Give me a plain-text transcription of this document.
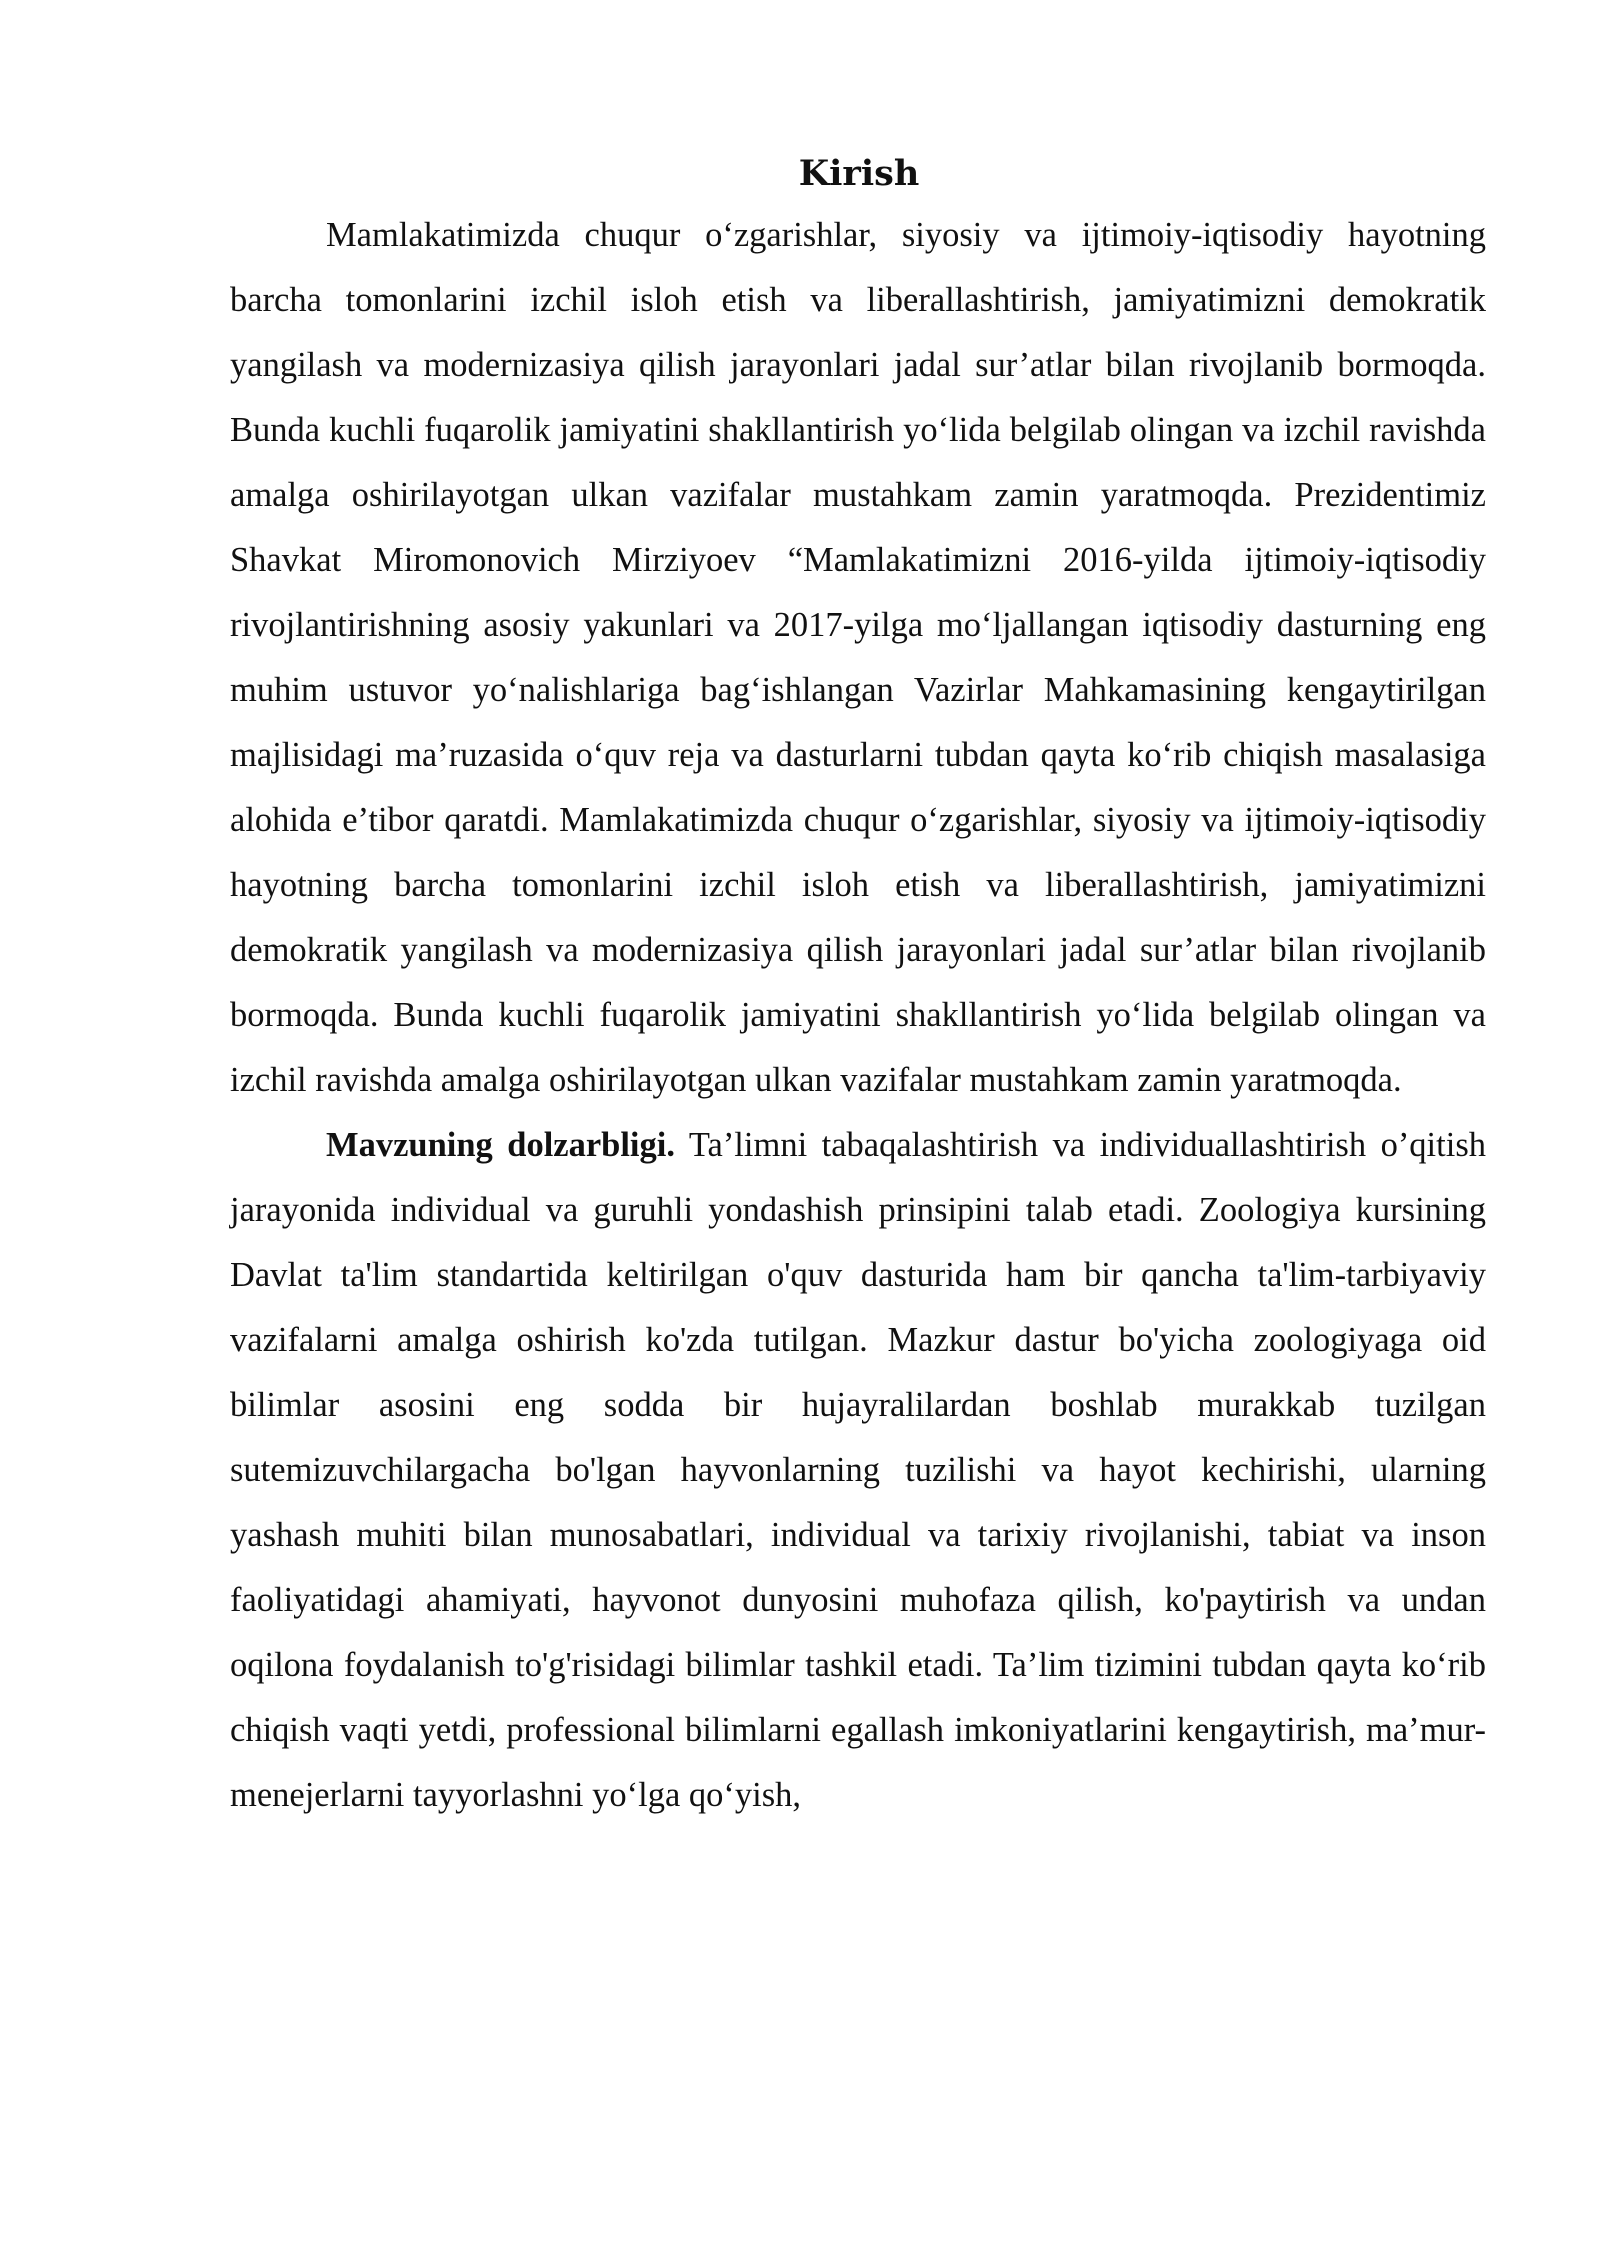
Kirish

Mamlakatimizda chuqur o‘zgarishlar, siyosiy va ijtimoiy-iqtisodiy hayotning barcha tomonlarini izchil isloh etish va liberallashtirish, jamiyatimizni demokratik yangilash va modernizasiya qilish jarayonlari jadal sur’atlar bilan rivojlanib bormoqda. Bunda kuchli fuqarolik jamiyatini shakllantirish yo‘lida belgilab olingan va izchil ravishda amalga oshirilayotgan ulkan vazifalar mustahkam zamin yaratmoqda. Prezidentimiz Shavkat Miromonovich Mirziyoev “Mamlakatimizni 2016-yilda ijtimoiy-iqtisodiy rivojlantirishning asosiy yakunlari va 2017-yilga mo‘ljallangan iqtisodiy dasturning eng muhim ustuvor yo‘nalishlariga bag‘ishlangan Vazirlar Mahkamasining kengaytirilgan majlisidagi ma’ruzasida o‘quv reja va dasturlarni tubdan qayta ko‘rib chiqish masalasiga alohida e’tibor qaratdi. Mamlakatimizda chuqur o‘zgarishlar, siyosiy va ijtimoiy-iqtisodiy hayotning barcha tomonlarini izchil isloh etish va liberallashtirish, jamiyatimizni demokratik yangilash va modernizasiya qilish jarayonlari jadal sur’atlar bilan rivojlanib bormoqda. Bunda kuchli fuqarolik jamiyatini shakllantirish yo‘lida belgilab olingan va izchil ravishda amalga oshirilayotgan ulkan vazifalar mustahkam zamin yaratmoqda.

Mavzuning dolzarbligi. Ta’limni tabaqalashtirish va individuallashtirish o’qitish jarayonida individual va guruhli yondashish prinsipini talab etadi. Zoologiya kursining Davlat ta'lim standartida keltirilgan o'quv dasturida ham bir qancha ta'lim-tarbiyaviy vazifalarni amalga oshirish ko'zda tutilgan. Mazkur dastur bo'yicha zoologiyaga oid bilimlar asosini eng sodda bir hujayralilardan boshlab murakkab tuzilgan sutemizuvchilargacha bo'lgan hayvonlarning tuzilishi va hayot kechirishi, ularning yashash muhiti bilan munosabatlari, individual va tarixiy rivojlanishi, tabiat va inson faoliyatidagi ahamiyati, hayvonot dunyosini muhofaza qilish, ko'paytirish va undan oqilona foydalanish to'g'risidagi bilimlar tashkil etadi. Ta’lim tizimini tubdan qayta ko‘rib chiqish vaqti yetdi, professional bilimlarni egallash imkoniyatlarini kengaytirish, ma’mur-menejerlarni tayyorlashni yo‘lga qo‘yish,
